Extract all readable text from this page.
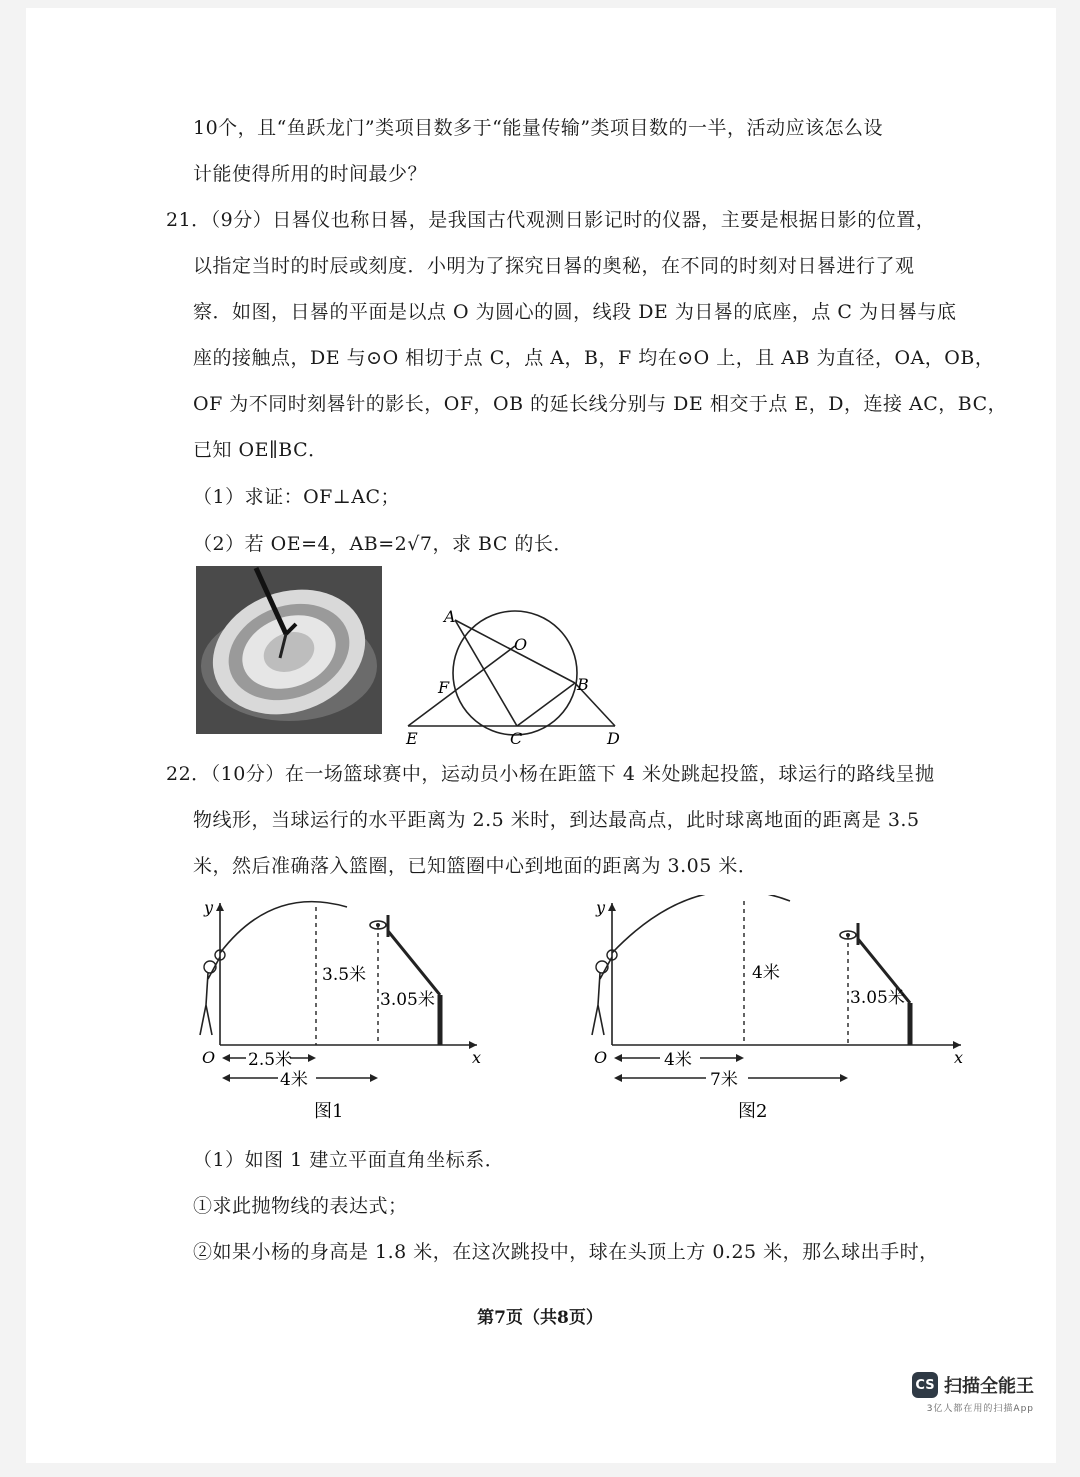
10个，且“鱼跃龙门”类项目数多于“能量传输”类项目数的一半，活动应该怎么设
计能使得所用的时间最少？
21．（9分）日晷仪也称日晷，是我国古代观测日影记时的仪器，主要是根据日影的位置，
以指定当时的时辰或刻度．小明为了探究日晷的奥秘，在不同的时刻对日晷进行了观
察．如图，日晷的平面是以点 O 为圆心的圆，线段 DE 为日晷的底座，点 C 为日晷与底
座的接触点，DE 与⊙O 相切于点 C，点 A，B，F 均在⊙O 上，且 AB 为直径，OA，OB，
OF 为不同时刻晷针的影长，OF，OB 的延长线分别与 DE 相交于点 E，D，连接 AC，BC，
已知 OE∥BC．
（1）求证：OF⊥AC；
（2）若 OE=4，AB=2√7，求 BC 的长．
A
O
F	B
E	C	D
22．（10分）在一场篮球赛中，运动员小杨在距篮下 4 米处跳起投篮，球运行的路线呈抛
物线形，当球运行的水平距离为 2.5 米时，到达最高点，此时球离地面的距离是 3.5
米，然后准确落入篮圈，已知篮圈中心到地面的距离为 3.05 米．
y
x
O
3.5米
3.05米
2.5米
4米
图1
y
x
O
4米
3.05米
4米
7米
图2
（1）如图 1 建立平面直角坐标系．
①求此抛物线的表达式；
②如果小杨的身高是 1.8 米，在这次跳投中，球在头顶上方 0.25 米，那么球出手时，
第7页（共8页）
CS 扫描全能王
3亿人都在用的扫描App
